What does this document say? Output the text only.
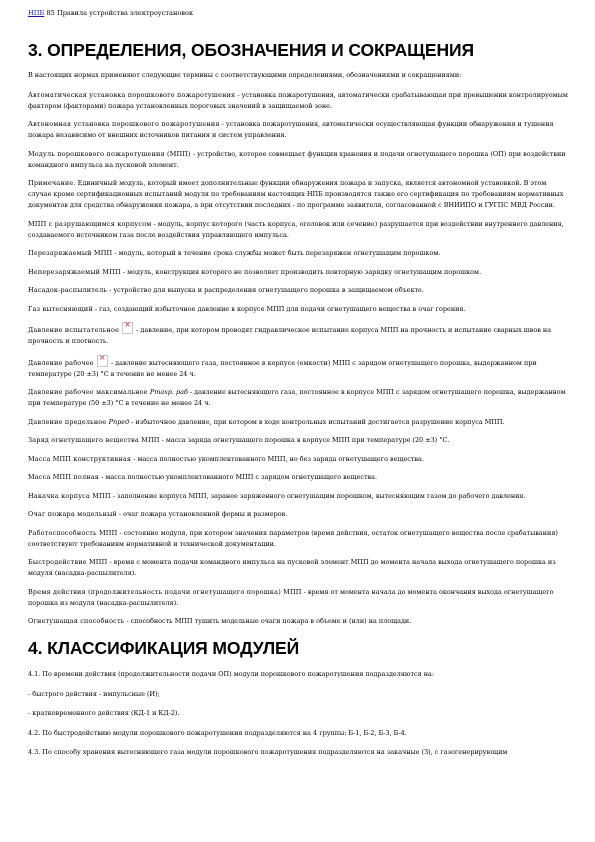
НПБ 85 Правила устройства электроустановок
3. ОПРЕДЕЛЕНИЯ, ОБОЗНАЧЕНИЯ И СОКРАЩЕНИЯ

В настоящих нормах применяют следующие термины с соответствующими определениями, обозначениями и сокращениями:

Автоматическая установка порошкового пожаротушения - установка пожаротушения, автоматически срабатывающая при превышении контролируемым фактором (факторами) пожара установленных пороговых значений в защищаемой зоне.

Автономная установка порошкового пожаротушения - установка пожаротушения, автоматически осуществляющая функции обнаружения и тушения пожара независимо от внешних источников питания и систем управления.

Модуль порошкового пожаротушения (МПП) - устройство, которое совмещает функции хранения и подачи огнетушащего порошка (ОП) при воздействии командного импульса на пусковой элемент.

Примечание. Единичный модуль, который имеет дополнительные функции обнаружения пожара и запуска, является автономной установкой. В этом случае кроме сертификационных испытаний модуля по требованиям настоящих НПБ производятся также его сертификация по требованиям нормативных документов для средства обнаружения пожара, а при отсутствии последних - по программе заявителя, согласованной с ВНИИПО и ГУГПС МВД России.

МПП с разрушающимся корпусом - модуль, корпус которого (часть корпуса, оголовок или сечение) разрушается при воздействии внутреннего давления, создаваемого источником газа после воздействия управляющего импульса.

Перезаряжаемый МПП - модуль, который в течение срока службы может быть перезаряжен огнетушащим порошком.

Неперезаряжаемый МПП - модуль, конструкция которого не позволяет производить повторную зарядку огнетушащим порошком.

Насадок-распылитель - устройство для выпуска и распределения огнетушащего порошка в защищаемом объекте.

Газ вытесняющий - газ, создающий избыточное давление в корпусе МПП для подачи огнетушащего вещества в очаг горения.

Давление испытательное × - давление, при котором проводят гидравлическое испытание корпуса МПП на прочность и испытание сварных швов на прочность и плотность.

Давление рабочее × - давление вытесняющего газа, постоянное в корпусе (емкости) МПП с зарядом огнетушащего порошка, выдержанном при температуре (20 ±3) °С в течение не менее 24 ч.

Давление рабочее максимальное Pmaxp. раб - давление вытесняющего газа, постоянное в корпусе МПП с зарядом огнетушащего порошка, выдержанном при температуре (50 ±3) °С в течение не менее 24 ч.

Давление предельное Pпред - избыточное давление, при котором в ходе контрольных испытаний достигается разрушение корпуса МПП.

Заряд огнетушащего вещества МПП - масса заряда огнетушащего порошка в корпусе МПП при температуре (20 ±3) °С.

Масса МПП конструктивная - масса полностью укомплектованного МПП, но без заряда огнетушащего вещества.

Масса МПП полная - масса полностью укомплектованного МПП с зарядом огнетушащего вещества.

Накачка корпуса МПП - заполнение корпуса МПП, заранее заряженного огнетушащим порошком, вытесняющим газом до рабочего давления.

Очаг пожара модельный - очаг пожара установленной формы и размеров.

Работоспособность МПП - состояние модуля, при котором значения параметров (время действия, остаток огнетушащего вещества после срабатывания) соответствуют требованиям нормативной и технической документации.

Быстродействие МПП - время с момента подачи командного импульса на пусковой элемент МПП до момента начала выхода огнетушащего порошка из модуля (насадка-распылителя).

Время действия (продолжительность подачи огнетушащего порошка) МПП - время от момента начала до момента окончания выхода огнетушащего порошка из модуля (насадка-распылителя).

Огнетушащая способность - способность МПП тушить модельные очаги пожара в объеме и (или) на площади.

4. КЛАССИФИКАЦИЯ МОДУЛЕЙ

4.1. По времени действия (продолжительности подачи ОП) модули порошкового пожаротушения подразделяются на:

- быстрого действия - импульсные (И);

- кратковременного действия (КД-1 и КД-2).

4.2. По быстродействию модули порошкового пожаротушения подразделяются на 4 группы: Б-1, Б-2, Б-3, Б-4.

4.3. По способу хранения вытесняющего газа модули порошкового пожаротушения подразделяются на закачные (З), с газогенерирующим
